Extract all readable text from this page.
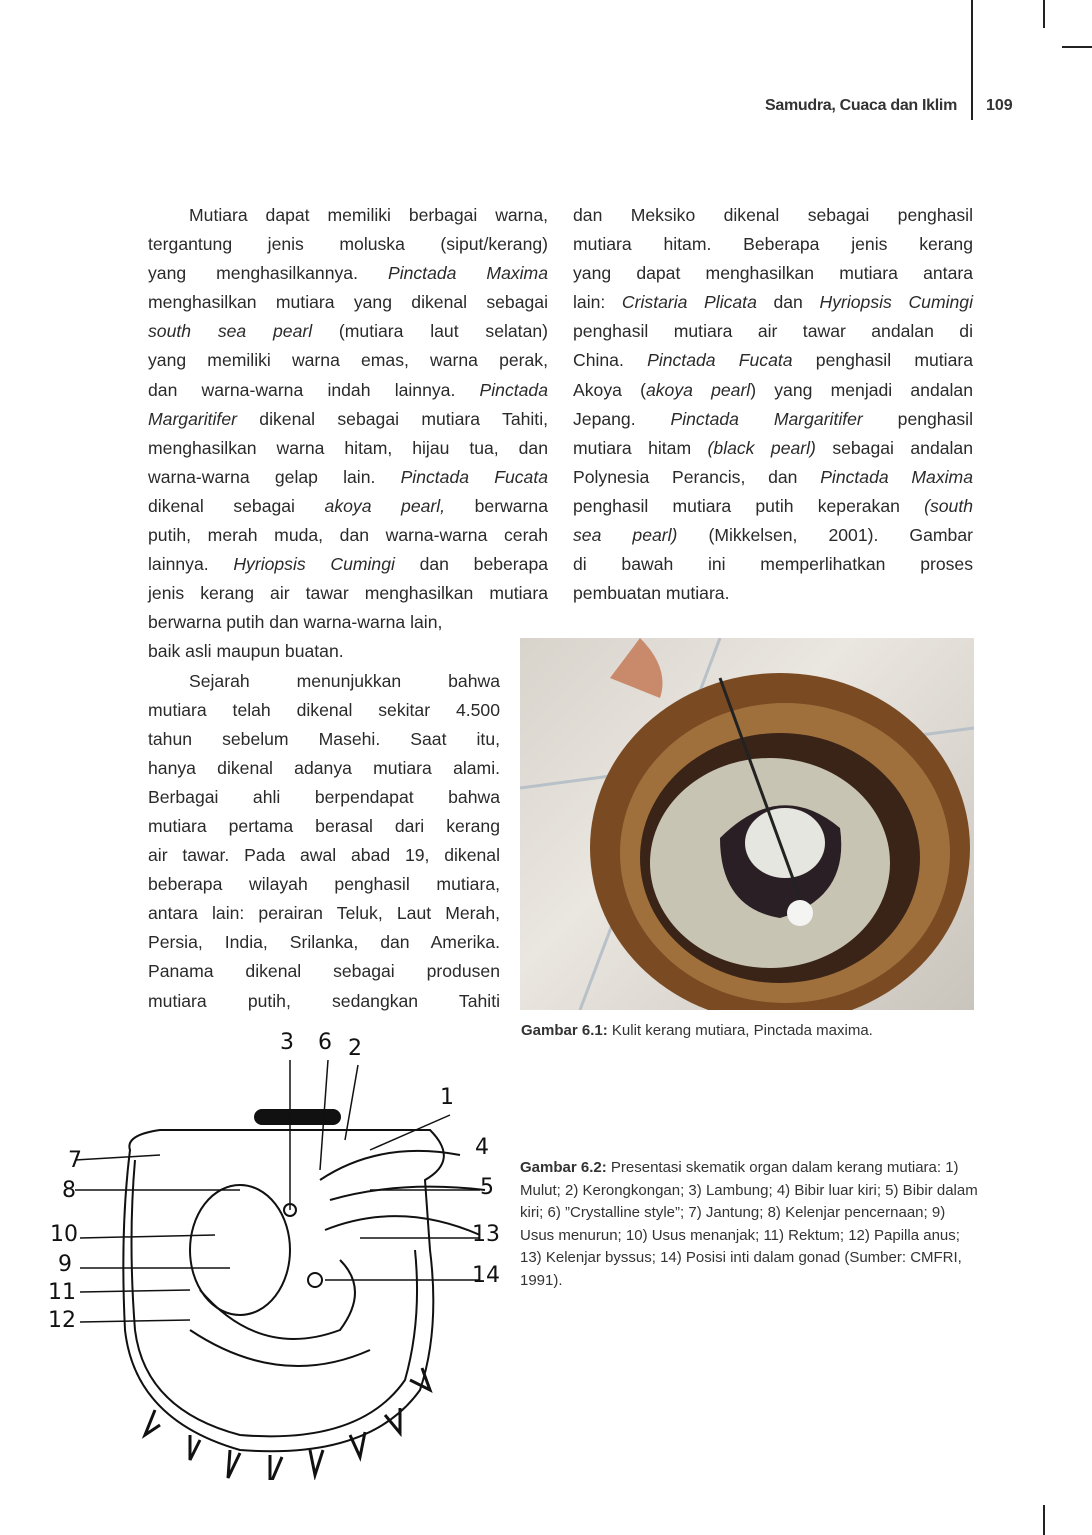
Samudra, Cuaca dan Iklim 109
Mutiara dapat memiliki berbagai warna,
tergantung jenis moluska (siput/kerang)
yang menghasilkannya. Pinctada Maxima
menghasilkan mutiara yang dikenal sebagai
south sea pearl (mutiara laut selatan)
yang memiliki warna emas, warna perak,
dan warna-warna indah lainnya. Pinctada
Margaritifer dikenal sebagai mutiara Tahiti,
menghasilkan warna hitam, hijau tua, dan
warna-warna gelap lain. Pinctada Fucata
dikenal sebagai akoya pearl, berwarna
putih, merah muda, dan warna-warna cerah
lainnya. Hyriopsis Cumingi dan beberapa
jenis kerang air tawar menghasilkan mutiara
berwarna putih dan warna-warna lain,
baik asli maupun buatan.
Sejarah menunjukkan bahwa
mutiara telah dikenal sekitar 4.500
tahun sebelum Masehi. Saat itu,
hanya dikenal adanya mutiara alami.
Berbagai ahli berpendapat bahwa
mutiara pertama berasal dari kerang
air tawar. Pada awal abad 19, dikenal
beberapa wilayah penghasil mutiara,
antara lain: perairan Teluk, Laut Merah,
Persia, India, Srilanka, dan Amerika.
Panama dikenal sebagai produsen
mutiara putih, sedangkan Tahiti
dan Meksiko dikenal sebagai penghasil
mutiara hitam. Beberapa jenis kerang
yang dapat menghasilkan mutiara antara
lain: Cristaria Plicata dan Hyriopsis Cumingi
penghasil mutiara air tawar andalan di
China. Pinctada Fucata penghasil mutiara
Akoya (akoya pearl) yang menjadi andalan
Jepang. Pinctada Margaritifer penghasil
mutiara hitam (black pearl) sebagai andalan
Polynesia Perancis, dan Pinctada Maxima
penghasil mutiara putih keperakan (south
sea pearl) (Mikkelsen, 2001). Gambar
di bawah ini memperlihatkan proses
pembuatan mutiara.
Gambar 6.1: Kulit kerang mutiara, Pinctada maxima.
3 6 2
1
4
7
8	5
10	13
9	14
11
12
Gambar 6.2: Presentasi skematik organ dalam kerang mutiara: 1) Mulut; 2) Kerongkongan; 3) Lambung; 4) Bibir luar kiri; 5) Bibir dalam kiri; 6) ”Crystalline style”; 7) Jantung; 8) Kelenjar pencernaan; 9) Usus menurun; 10) Usus menanjak; 11) Rektum; 12) Papilla anus; 13) Kelenjar byssus; 14) Posisi inti dalam gonad (Sumber: CMFRI, 1991).
